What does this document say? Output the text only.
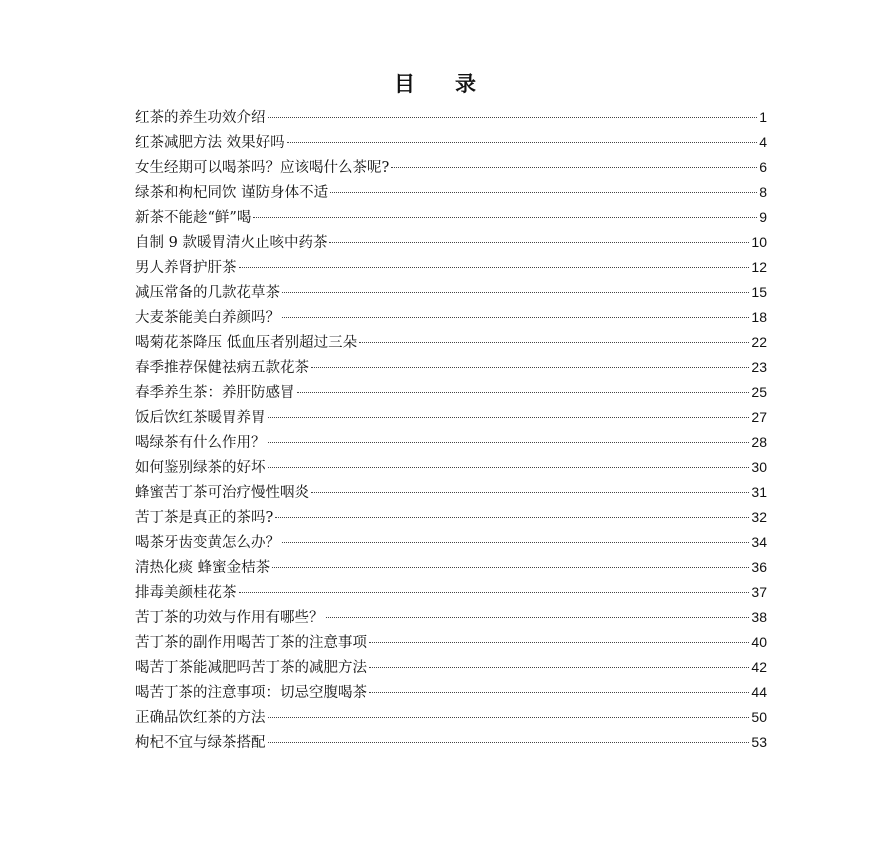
目录
红茶的养生功效介绍	1
红茶减肥方法 效果好吗	4
女生经期可以喝茶吗？应该喝什么茶呢?	6
绿茶和枸杞同饮 谨防身体不适	8
新茶不能趁“鲜”喝	9
自制 9 款暖胃清火止咳中药茶	10
男人养肾护肝茶	12
减压常备的几款花草茶	15
大麦茶能美白养颜吗？	18
喝菊花茶降压 低血压者别超过三朵	22
春季推荐保健祛病五款花茶	23
春季养生茶：养肝防感冒	25
饭后饮红茶暖胃养胃	27
喝绿茶有什么作用？	28
如何鉴别绿茶的好坏	30
蜂蜜苦丁茶可治疗慢性咽炎	31
苦丁茶是真正的茶吗?	32
喝茶牙齿变黄怎么办？	34
清热化痰 蜂蜜金桔茶	36
排毒美颜桂花茶	37
苦丁茶的功效与作用有哪些？	38
苦丁茶的副作用喝苦丁茶的注意事项	40
喝苦丁茶能减肥吗苦丁茶的减肥方法	42
喝苦丁茶的注意事项：切忌空腹喝茶	44
正确品饮红茶的方法	50
枸杞不宜与绿茶搭配	53
